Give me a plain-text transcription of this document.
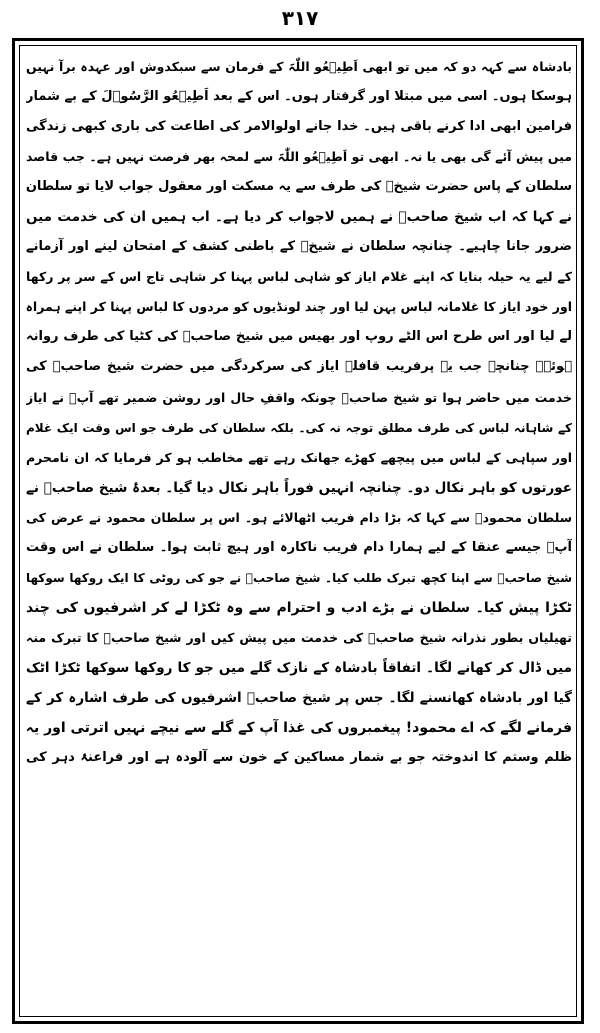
۳۱۷
بادشاہ سے کہہ دو کہ میں تو ابھی اَطِیۡعُو اللّٰہَ کے فرمان سے سبکدوش اور عہدہ برآ نہیں
ہوسکا ہوں۔ اسی میں مبتلا اور گرفتار ہوں۔ اس کے بعد اَطِیۡعُو الرَّسُوۡلَ کے بے شمار
فرامین ابھی ادا کرنے باقی ہیں۔ خدا جانے اولوالامر کی اطاعت کی باری کبھی زندگی
میں پیش آئے گی بھی یا نہ۔ ابھی تو اَطِیۡعُو اللّٰہَ سے لمحہ بھر فرصت نہیں ہے۔ جب قاصد
سلطان کے پاس حضرت شیخؒ کی طرف سے یہ مسکت اور معقول جواب لایا تو سلطان
نے کہا کہ اب شیخ صاحبؒ نے ہمیں لاجواب کر دیا ہے۔ اب ہمیں ان کی خدمت میں
ضرور جانا چاہیے۔ چنانچہ سلطان نے شیخؒ کے باطنی کشف کے امتحان لینے اور آزمانے
کے لیے یہ حیلہ بنایا کہ اپنے غلام ایاز کو شاہی لباس پہنا کر شاہی تاج اس کے سر پر رکھا
اور خود ایاز کا غلامانہ لباس پہن لیا اور چند لونڈیوں کو مردوں کا لباس پہنا کر اپنے ہمراہ
لے لیا اور اس طرح اس الٹے روپ اور بھیس میں شیخ صاحبؒ کی کٹیا کی طرف روانہ
ہوئے۔ چنانچہ جب یہ پرفریب قافلہ ایاز کی سرکردگی میں حضرت شیخ صاحبؒ کی
خدمت میں حاضر ہوا تو شیخ صاحبؒ چونکہ واقفِ حال اور روشن ضمیر تھے آپؒ نے ایاز
کے شاہانہ لباس کی طرف مطلق توجہ نہ کی۔ بلکہ سلطان کی طرف جو اس وقت ایک غلام
اور سپاہی کے لباس میں پیچھے کھڑے جھانک رہے تھے مخاطب ہو کر فرمایا کہ ان نامحرم
عورتوں کو باہر نکال دو۔ چنانچہ انہیں فوراً باہر نکال دیا گیا۔ بعدۂ شیخ صاحبؒ نے
سلطان محمودؒ سے کہا کہ بڑا دام فریب اٹھالائے ہو۔ اس پر سلطان محمود نے عرض کی
آپؒ جیسے عنقا کے لیے ہمارا دام فریب ناکارہ اور ہیچ ثابت ہوا۔ سلطان نے اس وقت
شیخ صاحبؒ سے اپنا کچھ تبرک طلب کیا۔ شیخ صاحبؒ نے جو کی روٹی کا ایک روکھا سوکھا
ٹکڑا پیش کیا۔ سلطان نے بڑے ادب و احترام سے وہ ٹکڑا لے کر اشرفیوں کی چند
تھیلیاں بطور نذرانہ شیخ صاحبؒ کی خدمت میں پیش کیں اور شیخ صاحبؒ کا تبرک منہ
میں ڈال کر کھانے لگا۔ اتفاقاً بادشاہ کے نازک گلے میں جو کا روکھا سوکھا ٹکڑا اٹک
گیا اور بادشاہ کھانسنے لگا۔ جس پر شیخ صاحبؒ اشرفیوں کی طرف اشارہ کر کے
فرمانے لگے کہ اے محمود! پیغمبروں کی غذا آپ کے گلے سے نیچے نہیں اترتی اور یہ
ظلم وستم کا اندوختہ جو بے شمار مساکین کے خون سے آلودہ ہے اور فراعنۂ دہر کی
